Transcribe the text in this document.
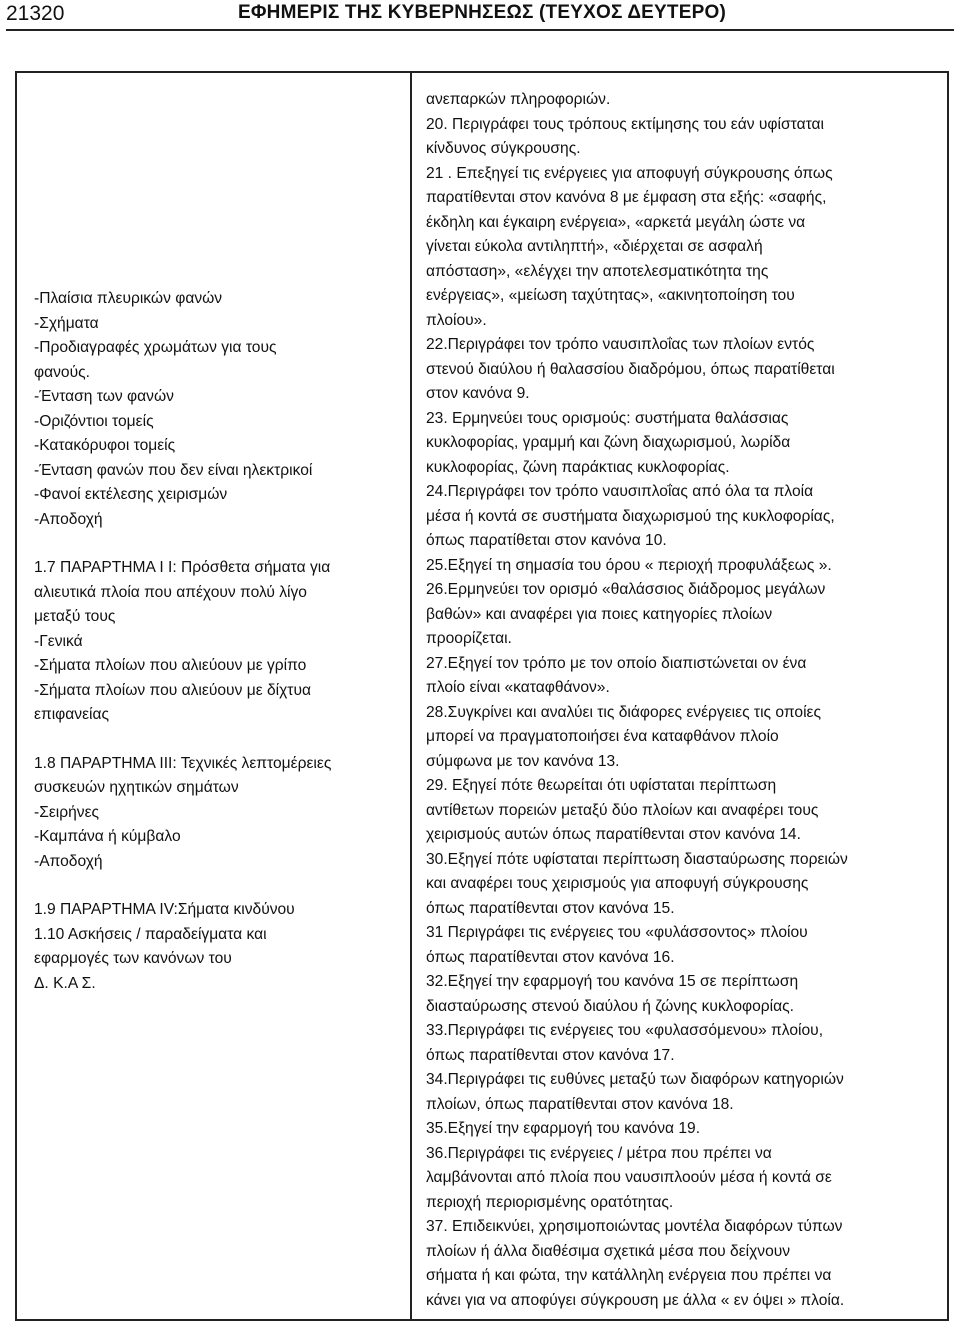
21320	ΕΦΗΜΕΡΙΣ ΤΗΣ ΚΥΒΕΡΝΗΣΕΩΣ (ΤΕΥΧΟΣ ΔΕΥΤΕΡΟ)
-Πλαίσια πλευρικών φανών
-Σχήματα
-Προδιαγραφές χρωμάτων για τους
φανούς.
-Ένταση των φανών
-Οριζόντιοι τομείς
-Κατακόρυφοι τομείς
-Ένταση φανών που δεν είναι ηλεκτρικοί
-Φανοί εκτέλεσης χειρισμών
-Αποδοχή
1.7 ΠΑΡΑΡΤΗΜΑ Ι Ι: Πρόσθετα σήματα για
αλιευτικά πλοία που απέχουν πολύ λίγο
μεταξύ τους
-Γενικά
-Σήματα πλοίων που αλιεύουν με γρίπο
-Σήματα πλοίων που αλιεύουν με δίχτυα
επιφανείας
1.8 ΠΑΡΑΡΤΗΜΑ ΙΙΙ: Τεχνικές λεπτομέρειες
συσκευών ηχητικών σημάτων
-Σειρήνες
-Καμπάνα ή κύμβαλο
-Αποδοχή
1.9 ΠΑΡΑΡΤΗΜΑ ΙV:Σήματα κινδύνου
1.10 Ασκήσεις / παραδείγματα και
εφαρμογές των κανόνων του
Δ. Κ.Α Σ.
ανεπαρκών πληροφοριών.
20. Περιγράφει τους τρόπους εκτίμησης του εάν υφίσταται
κίνδυνος σύγκρουσης.
21 . Επεξηγεί τις ενέργειες για αποφυγή σύγκρουσης όπως
παρατίθενται στον κανόνα 8 με έμφαση στα εξής: «σαφής,
έκδηλη και έγκαιρη ενέργεια», «αρκετά μεγάλη ώστε να
γίνεται εύκολα αντιληπτή», «διέρχεται σε ασφαλή
απόσταση», «ελέγχει την αποτελεσματικότητα της
ενέργειας», «μείωση ταχύτητας», «ακινητοποίηση του
πλοίου».
22.Περιγράφει τον τρόπο ναυσιπλοΐας των πλοίων εντός
στενού διαύλου ή θαλασσίου διαδρόμου, όπως παρατίθεται
στον κανόνα 9.
23. Ερμηνεύει τους ορισμούς: συστήματα θαλάσσιας
κυκλοφορίας, γραμμή και ζώνη διαχωρισμού, λωρίδα
κυκλοφορίας, ζώνη παράκτιας κυκλοφορίας.
24.Περιγράφει τον τρόπο ναυσιπλοΐας από όλα τα πλοία
μέσα ή κοντά σε συστήματα διαχωρισμού της κυκλοφορίας,
όπως παρατίθεται στον κανόνα 10.
25.Εξηγεί τη σημασία του όρου « περιοχή προφυλάξεως ».
26.Ερμηνεύει τον ορισμό «θαλάσσιος διάδρομος μεγάλων
βαθών» και αναφέρει για ποιες κατηγορίες πλοίων
προορίζεται.
27.Εξηγεί τον τρόπο με τον οποίο διαπιστώνεται ον ένα
πλοίο είναι «καταφθάνον».
28.Συγκρίνει και αναλύει τις διάφορες ενέργειες τις οποίες
μπορεί να πραγματοποιήσει ένα καταφθάνον πλοίο
σύμφωνα με τον κανόνα 13.
29. Εξηγεί πότε θεωρείται ότι υφίσταται περίπτωση
αντίθετων πορειών μεταξύ δύο πλοίων και αναφέρει τους
χειρισμούς αυτών όπως παρατίθενται στον κανόνα 14.
30.Εξηγεί πότε υφίσταται περίπτωση διασταύρωσης πορειών
και αναφέρει τους χειρισμούς για αποφυγή σύγκρουσης
όπως παρατίθενται στον κανόνα 15.
31 Περιγράφει τις ενέργειες του «φυλάσσοντος» πλοίου
όπως παρατίθενται στον κανόνα 16.
32.Εξηγεί την εφαρμογή του κανόνα 15 σε περίπτωση
διασταύρωσης στενού διαύλου ή ζώνης κυκλοφορίας.
33.Περιγράφει τις ενέργειες του «φυλασσόμενου» πλοίου,
όπως παρατίθενται στον κανόνα 17.
34.Περιγράφει τις ευθύνες μεταξύ των διαφόρων κατηγοριών
πλοίων, όπως παρατίθενται στον κανόνα 18.
35.Εξηγεί την εφαρμογή του κανόνα 19.
36.Περιγράφει τις ενέργειες / μέτρα που πρέπει να
λαμβάνονται από πλοία που ναυσιπλοούν μέσα ή κοντά σε
περιοχή περιορισμένης ορατότητας.
37. Επιδεικνύει, χρησιμοποιώντας μοντέλα διαφόρων τύπων
πλοίων ή άλλα διαθέσιμα σχετικά μέσα που δείχνουν
σήματα ή και φώτα, την κατάλληλη ενέργεια που πρέπει να
κάνει για να αποφύγει σύγκρουση με άλλα « εν όψει » πλοία.
